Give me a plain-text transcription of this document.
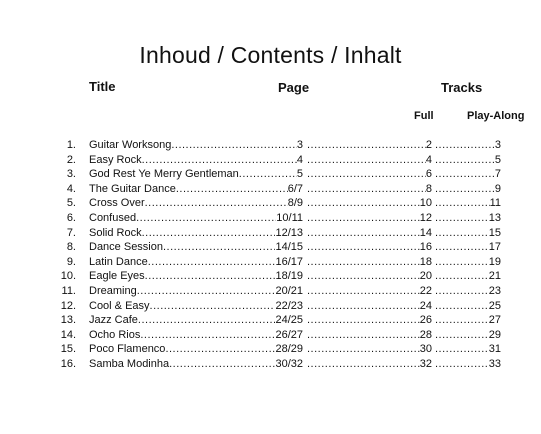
Inhoud / Contents / Inhalt
Title	Page	Tracks
Full	Play-Along
1. Guitar Worksong .....	3 .....	2 .....	3
2. Easy Rock .....	4 .....	4 .....	5
3. God Rest Ye Merry Gentleman .....	5 .....	6 .....	7
4. The Guitar Dance .....	6/7 .....	8 .....	9
5. Cross Over .....	8/9 .....	10 .....	11
6. Confused .....	10/11 .....	12 .....	13
7. Solid Rock .....	12/13 .....	14 .....	15
8. Dance Session .....	14/15 .....	16 .....	17
9. Latin Dance .....	16/17 .....	18 .....	19
10. Eagle Eyes .....	18/19 .....	20 .....	21
11. Dreaming .....	20/21 .....	22 .....	23
12. Cool & Easy .....	22/23 .....	24 .....	25
13. Jazz Cafe .....	24/25 .....	26 .....	27
14. Ocho Rios .....	26/27 .....	28 .....	29
15. Poco Flamenco .....	28/29 .....	30 .....	31
16. Samba Modinha .....	30/32 .....	32 .....	33
